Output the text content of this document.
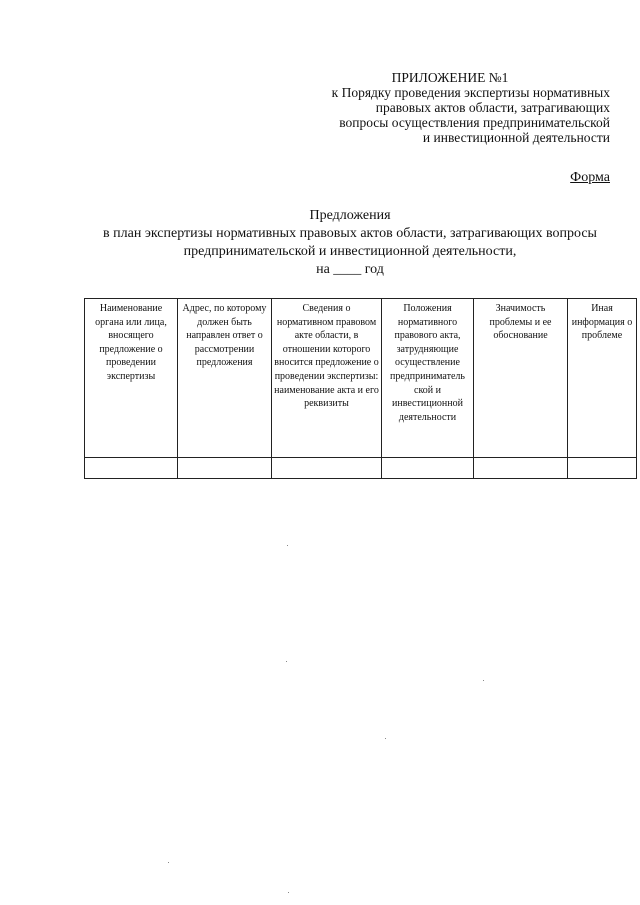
ПРИЛОЖЕНИЕ №1
к Порядку проведения экспертизы нормативных
правовых актов области, затрагивающих
вопросы осуществления предпринимательской
и инвестиционной деятельности
Форма
Предложения
в план экспертизы нормативных правовых актов области, затрагивающих вопросы
предпринимательской и инвестиционной деятельности,
на ____ год
Наименование органа или лица, вносящего предложение о проведении экспертизы	Адрес, по которому должен быть направлен ответ о рассмотрении предложения	Сведения о нормативном правовом акте области, в отношении которого вносится предложение о проведении экспертизы: наименование акта и его реквизиты	Положения нормативного правового акта, затрудняющие осуществление предприниматель ской и инвестиционной деятельности	Значимость проблемы и ее обоснование	Иная информация о проблеме
